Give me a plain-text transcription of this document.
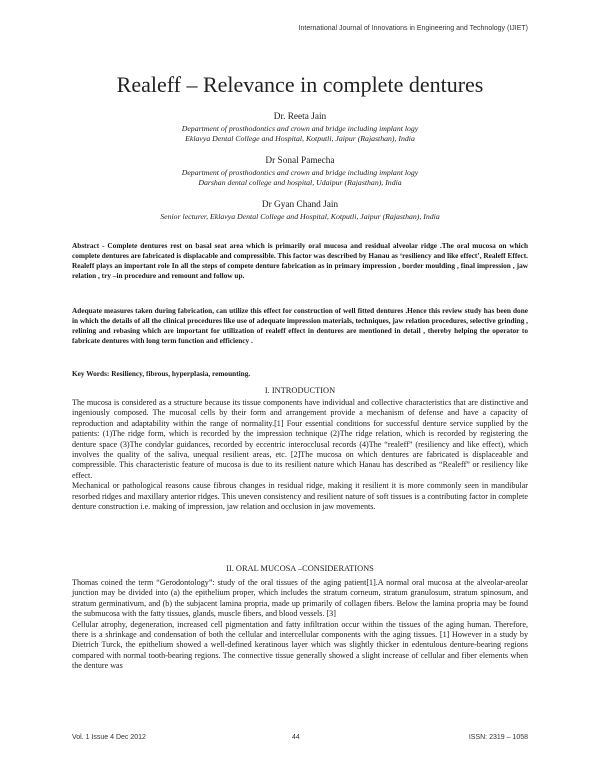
International Journal of Innovations in Engineering and Technology (IJIET)
Realeff – Relevance in complete dentures
Dr. Reeta Jain
Department of prosthodontics and crown and bridge including implant logy
Eklavya Dental College and Hospital, Kotputli, Jaipur (Rajasthan), India
Dr Sonal Pamecha
Department of prosthodontics and crown and bridge including implant logy
Darshan dental college and hospital, Udaipur (Rajasthan), India
Dr Gyan Chand Jain
Senior lecturer, Eklavya Dental College and Hospital, Kotputli, Jaipur (Rajasthan), India
Abstract - Complete dentures rest on basal seat area which is primarily oral mucosa and residual alveolar ridge .The oral mucosa on which complete dentures are fabricated is displacable and compressible. This factor was described by Hanau as ‘resiliency and like effect’, Realeff Effect. Realeff plays an important role In all the steps of compete denture fabrication as in primary impression , border moulding , final impression , jaw relation , try –in procedure and remount and follow up.
Adequate measures taken during fabrication, can utilize this effect for construction of well fitted dentures .Hence this review study has been done in which the details of all the clinical procedures like use of adequate impression materials, techniques, jaw relation procedures, selective grinding , relining and rebasing which are important for utilization of realeff effect in dentures are mentioned in detail , thereby helping the operator to fabricate dentures with long term function and efficiency .
Key Words: Resiliency, fibrous, hyperplasia, remounting.
I. INTRODUCTION

The mucosa is considered as a structure because its tissue components have individual and collective characteristics that are distinctive and ingeniously composed. The mucosal cells by their form and arrangement provide a mechanism of defense and have a capacity of reproduction and adaptability within the range of normality.[1] Four essential conditions for successful denture service supplied by the patients: (1)The ridge form, which is recorded by the impression technique (2)The ridge relation, which is recorded by registering the denture space (3)The condylar guidances, recorded by eccentric interocclusal records (4)The “realeff” (resiliency and like effect), which involves the quality of the saliva, unequal resilient areas, etc. [2]The mucosa on which dentures are fabricated is displaceable and compressible. This characteristic feature of mucosa is due to its resilient nature which Hanau has described as “Realeff” or resiliency like effect.

Mechanical or pathological reasons cause fibrous changes in residual ridge, making it resilient it is more commonly seen in mandibular resorbed ridges and maxillary anterior ridges. This uneven consistency and resilient nature of soft tissues is a contributing factor in complete denture construction i.e. making of impression, jaw relation and occlusion in jaw movements.

II. ORAL MUCOSA –CONSIDERATIONS

Thomas coined the term “Gerodontology”: study of the oral tissues of the aging patient[1].A normal oral mucosa at the alveolar-areolar junction may be divided into (a) the epithelium proper, which includes the stratum corneum, stratum granulosum, stratum spinosum, and stratum germinativum, and (b) the subjacent lamina propria, made up primarily of collagen fibers. Below the lamina propria may be found the submucosa with the fatty tissues, glands, muscle fibers, and blood vessels. [3]

Cellular atrophy, degeneration, increased cell pigmentation and fatty infiltration occur within the tissues of the aging human. Therefore, there is a shrinkage and condensation of both the cellular and intercellular components with the aging tissues. [1] However in a study by Dietrich Turck, the epithelium showed a well-defined keratinous layer which was slightly thicker in edentulous denture-bearing regions compared with normal tooth-bearing regions. The connective tissue generally showed a slight increase of cellular and fiber elements when the denture was

Vol. 1 Issue 4 Dec 2012	44	ISSN: 2319 – 1058
